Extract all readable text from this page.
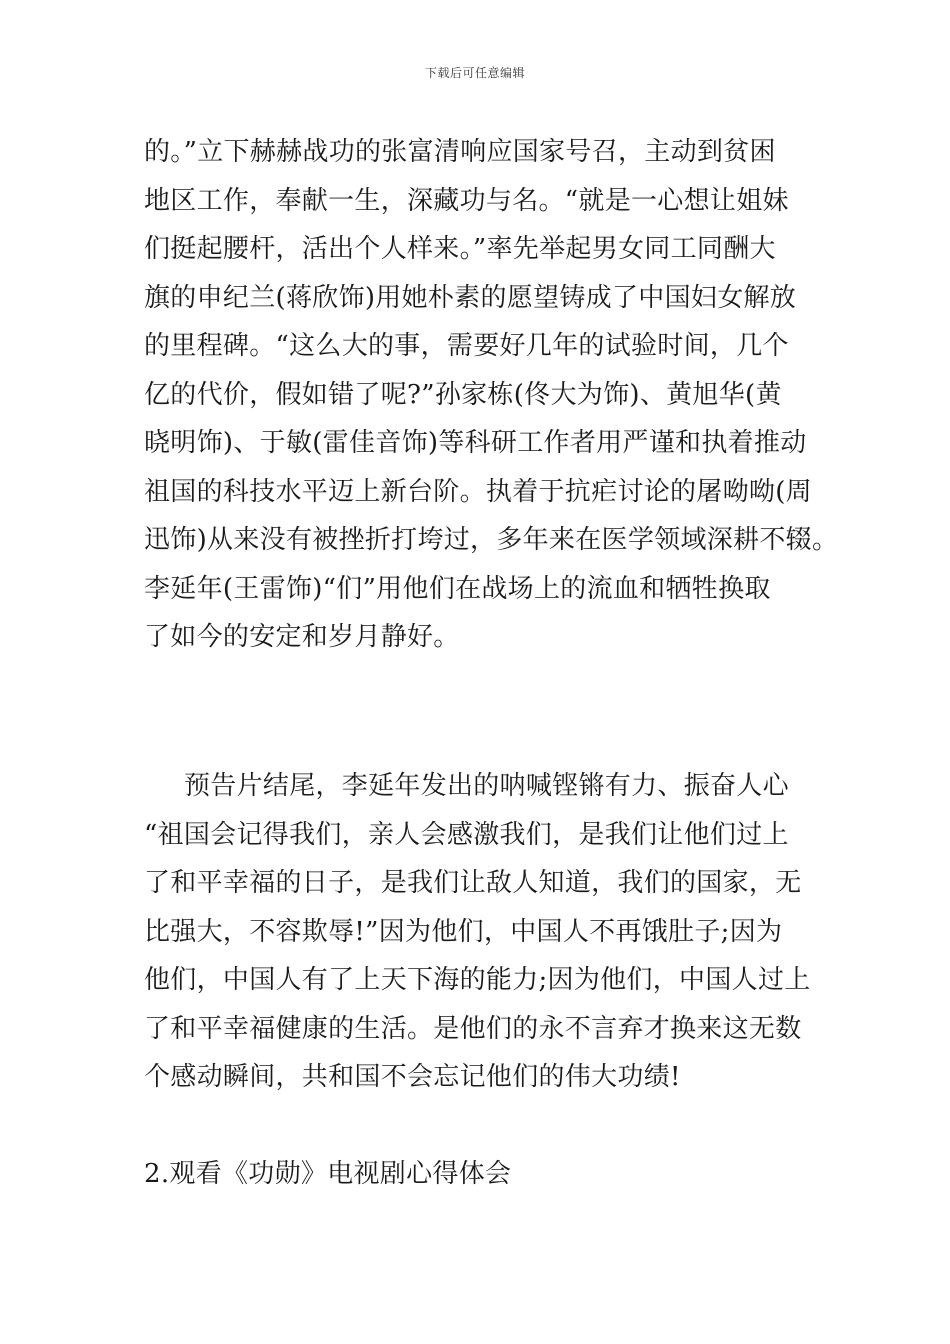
下载后可任意编辑
的。”立下赫赫战功的张富清响应国家号召，主动到贫困
地区工作，奉献一生，深藏功与名。“就是一心想让姐妹
们挺起腰杆，活出个人样来。”率先举起男女同工同酬大
旗的申纪兰(蒋欣饰)用她朴素的愿望铸成了中国妇女解放
的里程碑。“这么大的事，需要好几年的试验时间，几个
亿的代价，假如错了呢?”孙家栋(佟大为饰)、黄旭华(黄
晓明饰)、于敏(雷佳音饰)等科研工作者用严谨和执着推动
祖国的科技水平迈上新台阶。执着于抗疟讨论的屠呦呦(周
迅饰)从来没有被挫折打垮过，多年来在医学领域深耕不辍。
李延年(王雷饰)“们”用他们在战场上的流血和牺牲换取
了如今的安定和岁月静好。
预告片结尾，李延年发出的呐喊铿锵有力、振奋人心
“祖国会记得我们，亲人会感激我们，是我们让他们过上
了和平幸福的日子，是我们让敌人知道，我们的国家，无
比强大，不容欺辱!”因为他们，中国人不再饿肚子;因为
他们，中国人有了上天下海的能力;因为他们，中国人过上
了和平幸福健康的生活。是他们的永不言弃才换来这无数
个感动瞬间，共和国不会忘记他们的伟大功绩!
2.观看《功勋》电视剧心得体会
